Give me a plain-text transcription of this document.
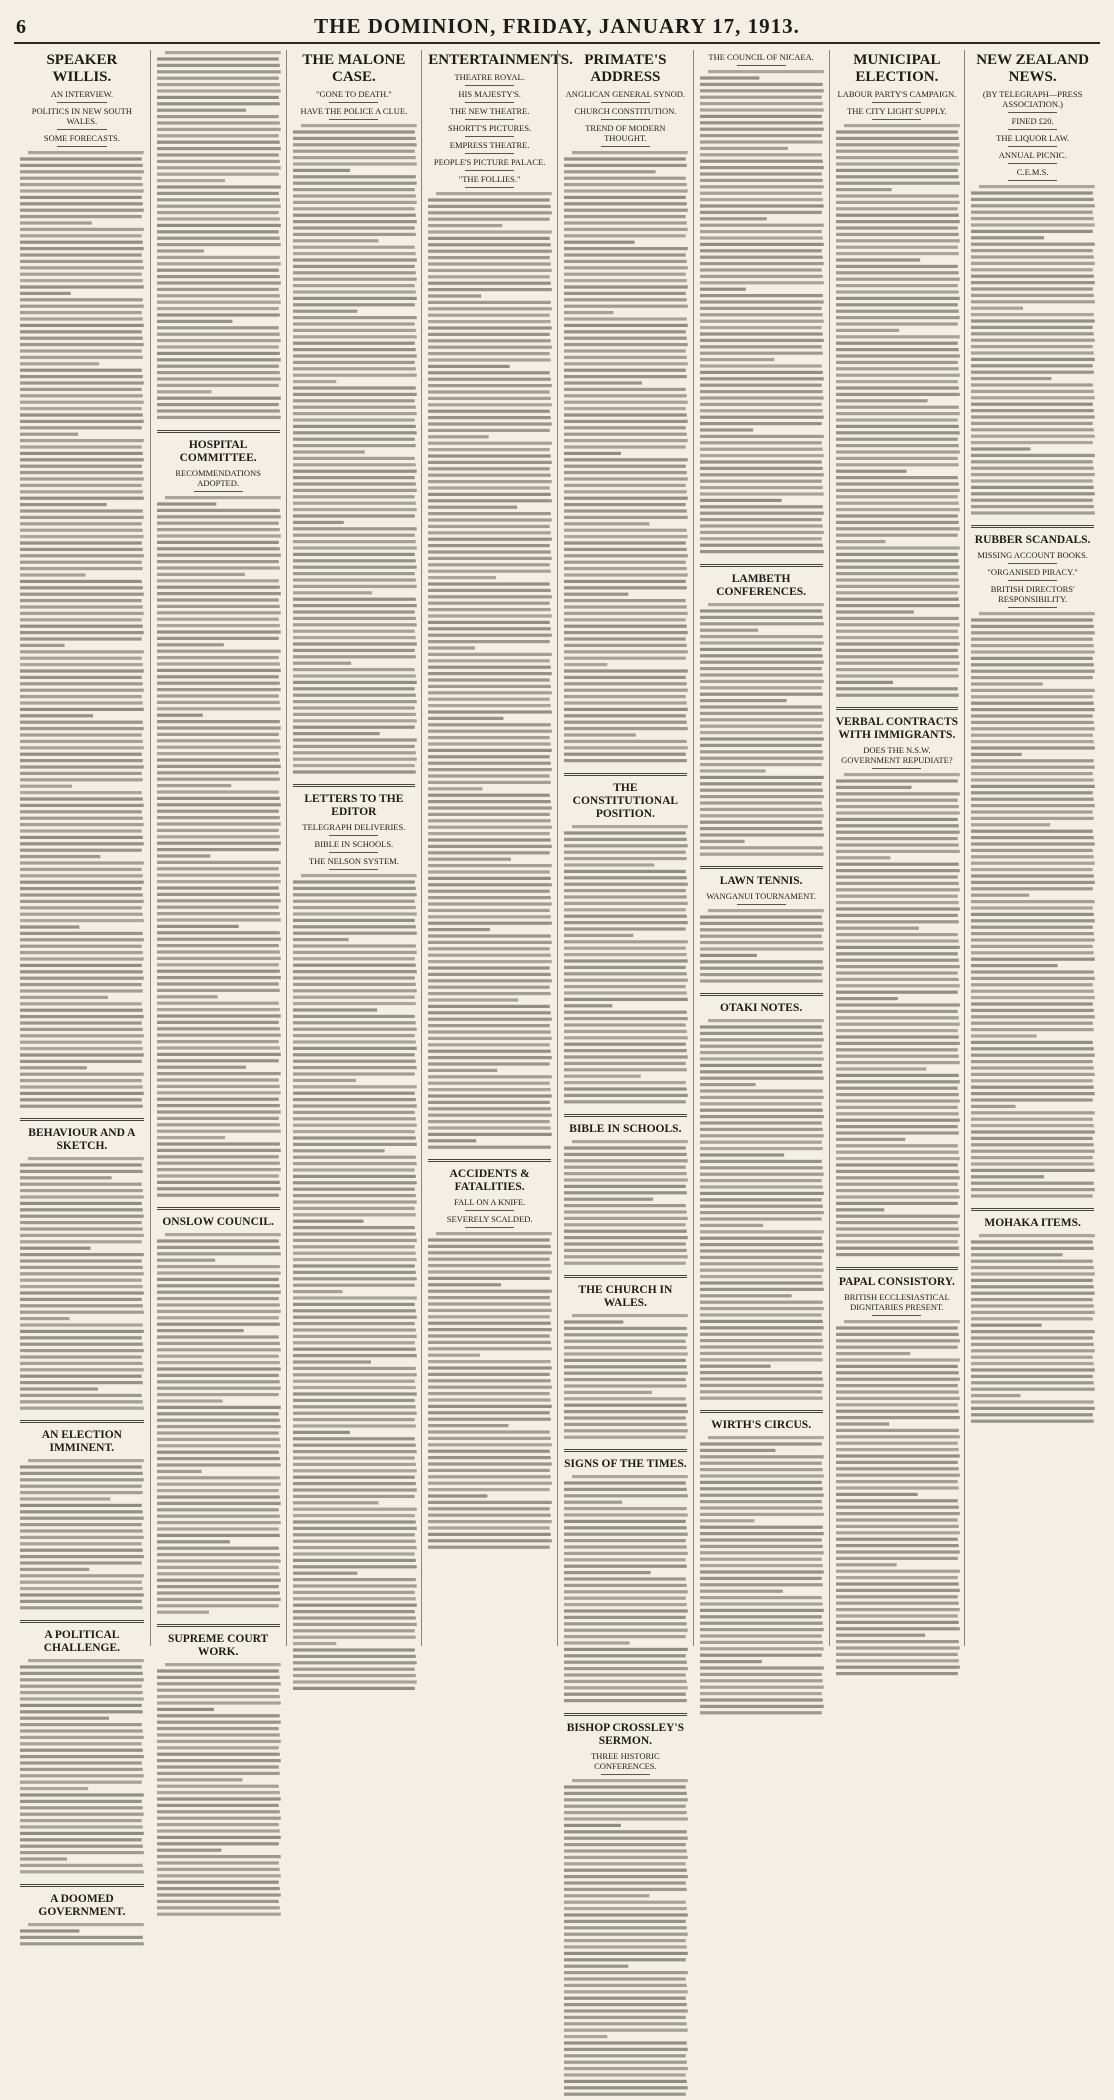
6	THE DOMINION, FRIDAY, JANUARY 17, 1913.
SPEAKER WILLIS.
AN INTERVIEW.
POLITICS IN NEW SOUTH WALES.
SOME FORECASTS.
BEHAVIOUR AND A SKETCH.
AN ELECTION IMMINENT.
A POLITICAL CHALLENGE.
A DOOMED GOVERNMENT.
HOSPITAL COMMITTEE.
RECOMMENDATIONS ADOPTED.
ONSLOW COUNCIL.
SUPREME COURT WORK.
THE MALONE CASE.
"GONE TO DEATH."
HAVE THE POLICE A CLUE.
LETTERS TO THE EDITOR
TELEGRAPH DELIVERIES.
BIBLE IN SCHOOLS.
THE NELSON SYSTEM.
ENTERTAINMENTS.
THEATRE ROYAL.
HIS MAJESTY'S.
THE NEW THEATRE.
SHORTT'S PICTURES.
EMPRESS THEATRE.
PEOPLE'S PICTURE PALACE.
"THE FOLLIES."
ACCIDENTS & FATALITIES.
FALL ON A KNIFE.
SEVERELY SCALDED.
PRIMATE'S ADDRESS
ANGLICAN GENERAL SYNOD.
CHURCH CONSTITUTION.
TREND OF MODERN THOUGHT.
THE CONSTITUTIONAL POSITION.
BIBLE IN SCHOOLS.
THE CHURCH IN WALES.
SIGNS OF THE TIMES.
BISHOP CROSSLEY'S SERMON.
THREE HISTORIC CONFERENCES.
THE COUNCIL OF NICAEA.
LAMBETH CONFERENCES.
LAWN TENNIS.
WANGANUI TOURNAMENT.
OTAKI NOTES.
WIRTH'S CIRCUS.
MUNICIPAL ELECTION.
LABOUR PARTY'S CAMPAIGN.
THE CITY LIGHT SUPPLY.
VERBAL CONTRACTS WITH IMMIGRANTS.
DOES THE N.S.W. GOVERNMENT REPUDIATE?
PAPAL CONSISTORY.
BRITISH ECCLESIASTICAL DIGNITARIES PRESENT.
NEW ZEALAND NEWS.
(BY TELEGRAPH—PRESS ASSOCIATION.)
FINED £20.
THE LIQUOR LAW.
ANNUAL PICNIC.
C.E.M.S.
RUBBER SCANDALS.
MISSING ACCOUNT BOOKS.
"ORGANISED PIRACY."
BRITISH DIRECTORS' RESPONSIBILITY.
MOHAKA ITEMS.
